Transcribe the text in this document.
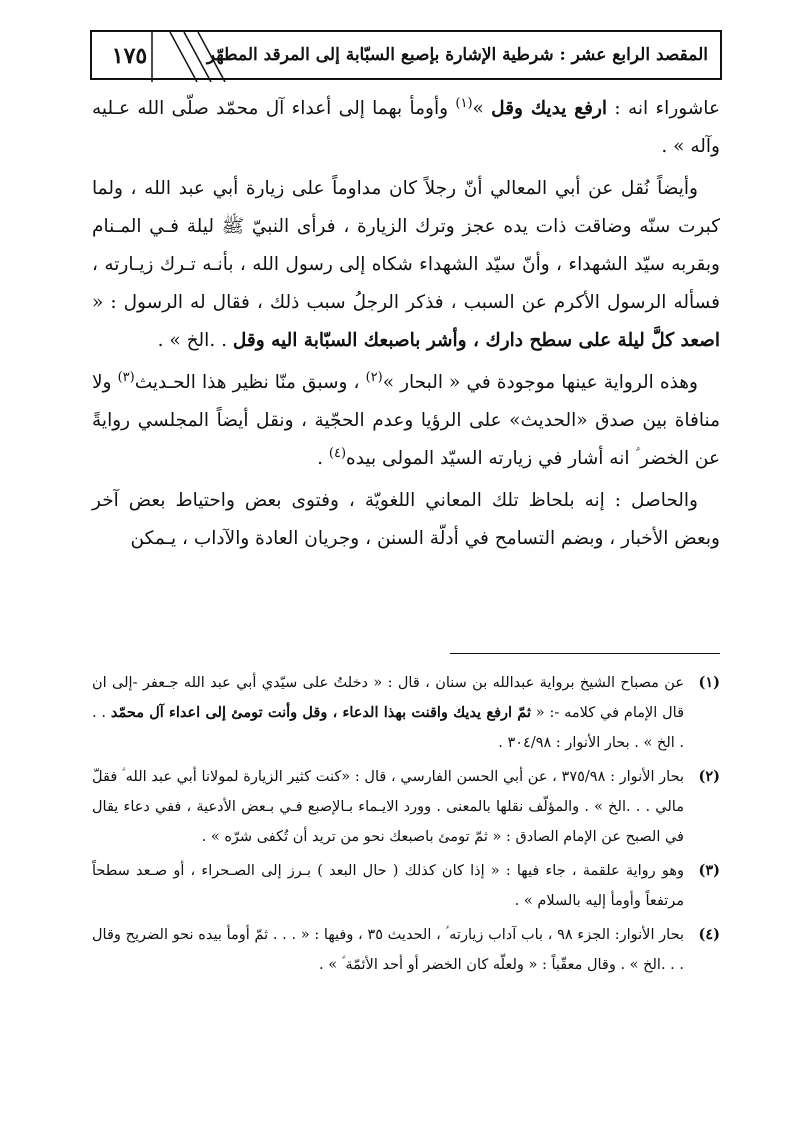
١٧٥	المقصد الرابع عشر : شرطية الإشارة بإصبع السبّابة إلى المرقد المطهّر

عاشوراء انه : ارفع يديك وقل »$^{(١)}$ وأومأ بهما إلى أعداء آل محمّد صلّى الله عـليه وآله » .

وأيضاً نُقل عن أبي المعالي أنّ رجلاً كان مداوماً على زيارة أبي عبد الله ، ولما كبرت سنّه وضاقت ذات يده عجز وترك الزيارة ، فرأى النبيّ ﷺ ليلة فـي المـنام وبقربه سيّد الشهداء ، وأنّ سيّد الشهداء شكاه إلى رسول الله ، بأنـه تـرك زيـارته ، فسأله الرسول الأكرم عن السبب ، فذكر الرجلُ سبب ذلك ، فقال له الرسول : « اصعد كلَّ ليلة على سطح دارك ، وأشر باصبعك السبّابة اليه وقل . .الخ » .

وهذه الرواية عينها موجودة في « البحار »$^{(٢)}$ ، وسبق منّا نظير هذا الحـديث$^{(٣)}$ ولا منافاة بين صدق «الحديث» على الرؤيا وعدم الحجّية ، ونقل أيضاً المجلسي روايةً عن الخضر ؑ انه أشار في زيارته السيّد المولى بيده$^{(٤)}$ .

والحاصل : إنه بلحاظ تلك المعاني اللغويّة ، وفتوى بعض واحتياط بعض آخر وبعض الأخبار ، وبضم التسامح في أدلّة السنن ، وجريان العادة والآداب ، يـمكن

(١)
عن مصباح الشيخ برواية عبدالله بن سنان ، قال : « دخلتُ على سيّدي أبي عبد الله جـعفر -إلى ان قال الإمام في كلامه -: « ثمّ ارفع يديك واقنت بهذا الدعاء ، وقل وأنت تومئ إلى اعداء آل محمّد . . . الخ » . بحار الأنوار : ٣٠٤/٩٨ .
(٢)
بحار الأنوار : ٣٧٥/٩٨ ، عن أبي الحسن الفارسي ، قال : «كنت كثير الزيارة لمولانا أبي عبد الله ؑ فقلّ مالي . . .الخ » . والمؤلّف نقلها بالمعنى . وورد الايـماء بـالإصبع فـي بـعض الأدعية ، ففي دعاء يقال في الصبح عن الإمام الصادق : « ثمّ تومئ باصبعك نحو من تريد أن تُكفى شرّه » .
(٣)
وهو رواية علقمة ، جاء فيها : « إذا كان كذلك ( حال البعد ) بـرز إلى الصـحراء ، أو صـعد سطحاً مرتفعاً وأومأ إليه بالسلام » .
(٤)
بحار الأنوار: الجزء ٩٨ ، باب آداب زيارته ؑ ، الحديث ٣٥ ، وفيها : « . . . ثمّ أومأ بيده نحو الضريح وقال . . .الخ » . وقال معقّباً : « ولعلّه كان الخضر أو أحد الأئمّة ؑ » .
